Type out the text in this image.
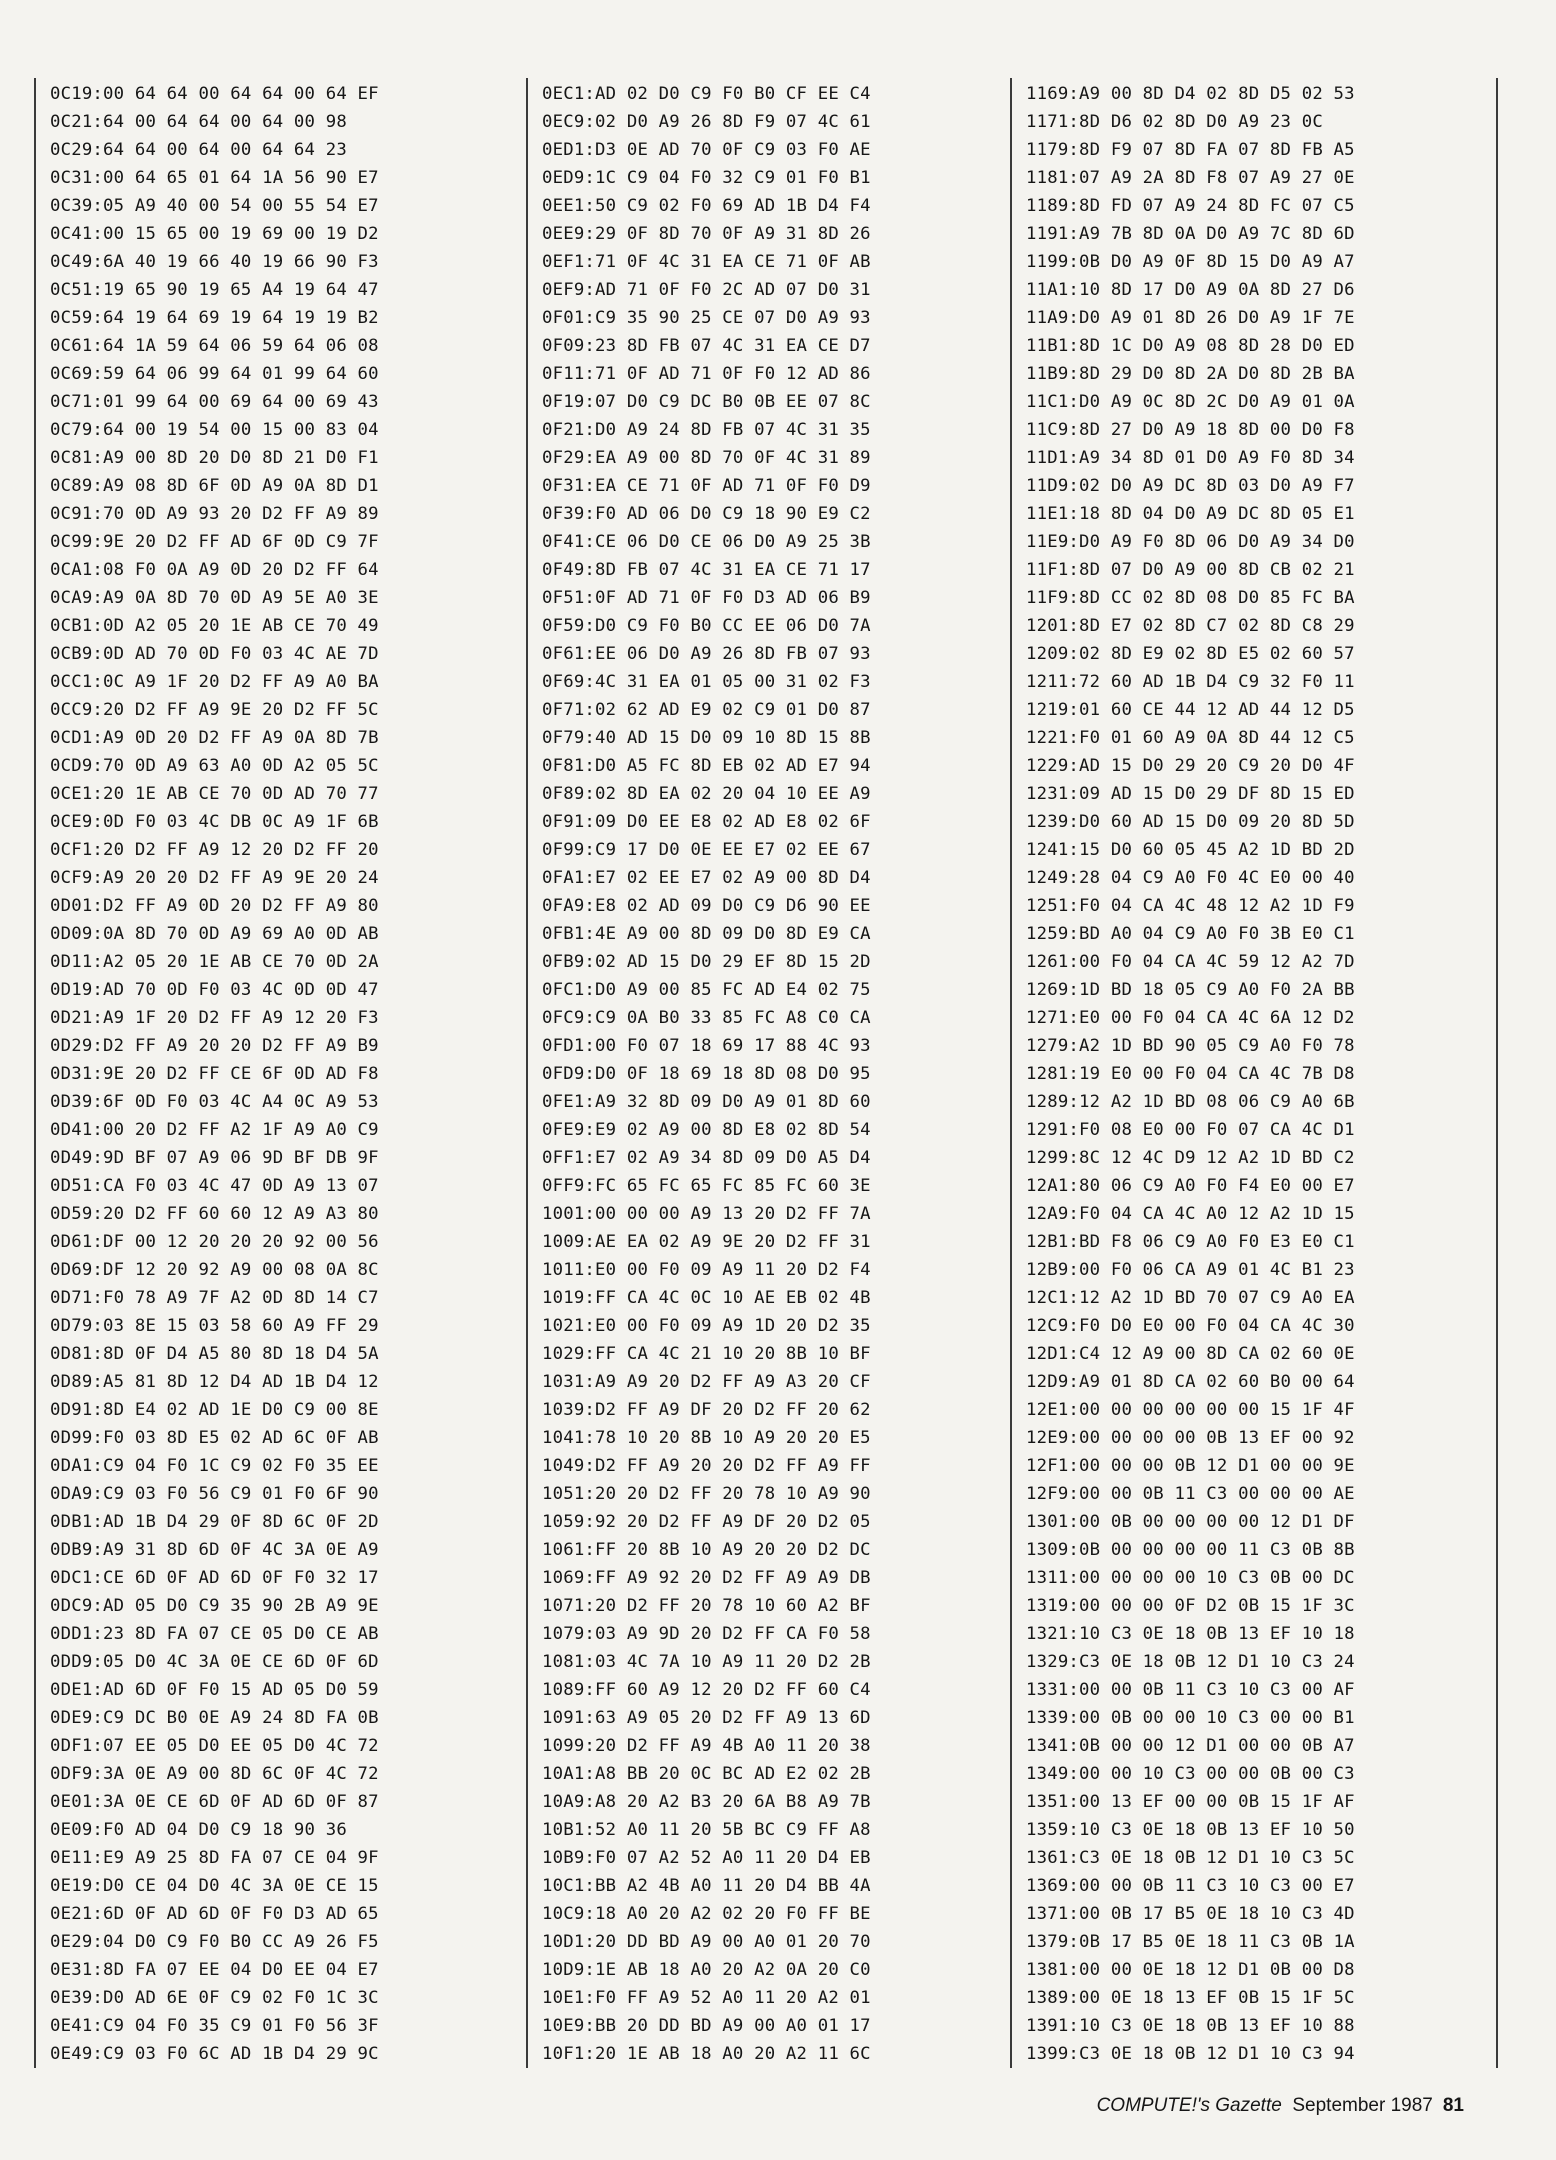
0C19:00 64 64 00 64 64 00 64 EF
0C21:64 00 64 64 00 64 00 98
0C29:64 64 00 64 00 64 64 23
0C31:00 64 65 01 64 1A 56 90 E7
0C39:05 A9 40 00 54 00 55 54 E7
0C41:00 15 65 00 19 69 00 19 D2
0C49:6A 40 19 66 40 19 66 90 F3
0C51:19 65 90 19 65 A4 19 64 47
0C59:64 19 64 69 19 64 19 19 B2
0C61:64 1A 59 64 06 59 64 06 08
0C69:59 64 06 99 64 01 99 64 60
0C71:01 99 64 00 69 64 00 69 43
0C79:64 00 19 54 00 15 00 83 04
0C81:A9 00 8D 20 D0 8D 21 D0 F1
0C89:A9 08 8D 6F 0D A9 0A 8D D1
0C91:70 0D A9 93 20 D2 FF A9 89
0C99:9E 20 D2 FF AD 6F 0D C9 7F
0CA1:08 F0 0A A9 0D 20 D2 FF 64
0CA9:A9 0A 8D 70 0D A9 5E A0 3E
0CB1:0D A2 05 20 1E AB CE 70 49
0CB9:0D AD 70 0D F0 03 4C AE 7D
0CC1:0C A9 1F 20 D2 FF A9 A0 BA
0CC9:20 D2 FF A9 9E 20 D2 FF 5C
0CD1:A9 0D 20 D2 FF A9 0A 8D 7B
0CD9:70 0D A9 63 A0 0D A2 05 5C
0CE1:20 1E AB CE 70 0D AD 70 77
0CE9:0D F0 03 4C DB 0C A9 1F 6B
0CF1:20 D2 FF A9 12 20 D2 FF 20
0CF9:A9 20 20 D2 FF A9 9E 20 24
0D01:D2 FF A9 0D 20 D2 FF A9 80
0D09:0A 8D 70 0D A9 69 A0 0D AB
0D11:A2 05 20 1E AB CE 70 0D 2A
0D19:AD 70 0D F0 03 4C 0D 0D 47
0D21:A9 1F 20 D2 FF A9 12 20 F3
0D29:D2 FF A9 20 20 D2 FF A9 B9
0D31:9E 20 D2 FF CE 6F 0D AD F8
0D39:6F 0D F0 03 4C A4 0C A9 53
0D41:00 20 D2 FF A2 1F A9 A0 C9
0D49:9D BF 07 A9 06 9D BF DB 9F
0D51:CA F0 03 4C 47 0D A9 13 07
0D59:20 D2 FF 60 60 12 A9 A3 80
0D61:DF 00 12 20 20 20 92 00 56
0D69:DF 12 20 92 A9 00 08 0A 8C
0D71:F0 78 A9 7F A2 0D 8D 14 C7
0D79:03 8E 15 03 58 60 A9 FF 29
0D81:8D 0F D4 A5 80 8D 18 D4 5A
0D89:A5 81 8D 12 D4 AD 1B D4 12
0D91:8D E4 02 AD 1E D0 C9 00 8E
0D99:F0 03 8D E5 02 AD 6C 0F AB
0DA1:C9 04 F0 1C C9 02 F0 35 EE
0DA9:C9 03 F0 56 C9 01 F0 6F 90
0DB1:AD 1B D4 29 0F 8D 6C 0F 2D
0DB9:A9 31 8D 6D 0F 4C 3A 0E A9
0DC1:CE 6D 0F AD 6D 0F F0 32 17
0DC9:AD 05 D0 C9 35 90 2B A9 9E
0DD1:23 8D FA 07 CE 05 D0 CE AB
0DD9:05 D0 4C 3A 0E CE 6D 0F 6D
0DE1:AD 6D 0F F0 15 AD 05 D0 59
0DE9:C9 DC B0 0E A9 24 8D FA 0B
0DF1:07 EE 05 D0 EE 05 D0 4C 72
0DF9:3A 0E A9 00 8D 6C 0F 4C 72
0E01:3A 0E CE 6D 0F AD 6D 0F 87
0E09:F0 AD 04 D0 C9 18 90 36
0E11:E9 A9 25 8D FA 07 CE 04 9F
0E19:D0 CE 04 D0 4C 3A 0E CE 15
0E21:6D 0F AD 6D 0F F0 D3 AD 65
0E29:04 D0 C9 F0 B0 CC A9 26 F5
0E31:8D FA 07 EE 04 D0 EE 04 E7
0E39:D0 AD 6E 0F C9 02 F0 1C 3C
0E41:C9 04 F0 35 C9 01 F0 56 3F
0E49:C9 03 F0 6C AD 1B D4 29 9C
0EC1:AD 02 D0 C9 F0 B0 CF EE C4
0EC9:02 D0 A9 26 8D F9 07 4C 61
0ED1:D3 0E AD 70 0F C9 03 F0 AE
0ED9:1C C9 04 F0 32 C9 01 F0 B1
0EE1:50 C9 02 F0 69 AD 1B D4 F4
0EE9:29 0F 8D 70 0F A9 31 8D 26
0EF1:71 0F 4C 31 EA CE 71 0F AB
0EF9:AD 71 0F F0 2C AD 07 D0 31
0F01:C9 35 90 25 CE 07 D0 A9 93
0F09:23 8D FB 07 4C 31 EA CE D7
0F11:71 0F AD 71 0F F0 12 AD 86
0F19:07 D0 C9 DC B0 0B EE 07 8C
0F21:D0 A9 24 8D FB 07 4C 31 35
0F29:EA A9 00 8D 70 0F 4C 31 89
0F31:EA CE 71 0F AD 71 0F F0 D9
0F39:F0 AD 06 D0 C9 18 90 E9 C2
0F41:CE 06 D0 CE 06 D0 A9 25 3B
0F49:8D FB 07 4C 31 EA CE 71 17
0F51:0F AD 71 0F F0 D3 AD 06 B9
0F59:D0 C9 F0 B0 CC EE 06 D0 7A
0F61:EE 06 D0 A9 26 8D FB 07 93
0F69:4C 31 EA 01 05 00 31 02 F3
0F71:02 62 AD E9 02 C9 01 D0 87
0F79:40 AD 15 D0 09 10 8D 15 8B
0F81:D0 A5 FC 8D EB 02 AD E7 94
0F89:02 8D EA 02 20 04 10 EE A9
0F91:09 D0 EE E8 02 AD E8 02 6F
0F99:C9 17 D0 0E EE E7 02 EE 67
0FA1:E7 02 EE E7 02 A9 00 8D D4
0FA9:E8 02 AD 09 D0 C9 D6 90 EE
0FB1:4E A9 00 8D 09 D0 8D E9 CA
0FB9:02 AD 15 D0 29 EF 8D 15 2D
0FC1:D0 A9 00 85 FC AD E4 02 75
0FC9:C9 0A B0 33 85 FC A8 C0 CA
0FD1:00 F0 07 18 69 17 88 4C 93
0FD9:D0 0F 18 69 18 8D 08 D0 95
0FE1:A9 32 8D 09 D0 A9 01 8D 60
0FE9:E9 02 A9 00 8D E8 02 8D 54
0FF1:E7 02 A9 34 8D 09 D0 A5 D4
0FF9:FC 65 FC 65 FC 85 FC 60 3E
1001:00 00 00 A9 13 20 D2 FF 7A
1009:AE EA 02 A9 9E 20 D2 FF 31
1011:E0 00 F0 09 A9 11 20 D2 F4
1019:FF CA 4C 0C 10 AE EB 02 4B
1021:E0 00 F0 09 A9 1D 20 D2 35
1029:FF CA 4C 21 10 20 8B 10 BF
1031:A9 A9 20 D2 FF A9 A3 20 CF
1039:D2 FF A9 DF 20 D2 FF 20 62
1041:78 10 20 8B 10 A9 20 20 E5
1049:D2 FF A9 20 20 D2 FF A9 FF
1051:20 20 D2 FF 20 78 10 A9 90
1059:92 20 D2 FF A9 DF 20 D2 05
1061:FF 20 8B 10 A9 20 20 D2 DC
1069:FF A9 92 20 D2 FF A9 A9 DB
1071:20 D2 FF 20 78 10 60 A2 BF
1079:03 A9 9D 20 D2 FF CA F0 58
1081:03 4C 7A 10 A9 11 20 D2 2B
1089:FF 60 A9 12 20 D2 FF 60 C4
1091:63 A9 05 20 D2 FF A9 13 6D
1099:20 D2 FF A9 4B A0 11 20 38
10A1:A8 BB 20 0C BC AD E2 02 2B
10A9:A8 20 A2 B3 20 6A B8 A9 7B
10B1:52 A0 11 20 5B BC C9 FF A8
10B9:F0 07 A2 52 A0 11 20 D4 EB
10C1:BB A2 4B A0 11 20 D4 BB 4A
10C9:18 A0 20 A2 02 20 F0 FF BE
10D1:20 DD BD A9 00 A0 01 20 70
10D9:1E AB 18 A0 20 A2 0A 20 C0
10E1:F0 FF A9 52 A0 11 20 A2 01
10E9:BB 20 DD BD A9 00 A0 01 17
10F1:20 1E AB 18 A0 20 A2 11 6C
1169:A9 00 8D D4 02 8D D5 02 53
1171:8D D6 02 8D D0 A9 23 0C
1179:8D F9 07 8D FA 07 8D FB A5
1181:07 A9 2A 8D F8 07 A9 27 0E
1189:8D FD 07 A9 24 8D FC 07 C5
1191:A9 7B 8D 0A D0 A9 7C 8D 6D
1199:0B D0 A9 0F 8D 15 D0 A9 A7
11A1:10 8D 17 D0 A9 0A 8D 27 D6
11A9:D0 A9 01 8D 26 D0 A9 1F 7E
11B1:8D 1C D0 A9 08 8D 28 D0 ED
11B9:8D 29 D0 8D 2A D0 8D 2B BA
11C1:D0 A9 0C 8D 2C D0 A9 01 0A
11C9:8D 27 D0 A9 18 8D 00 D0 F8
11D1:A9 34 8D 01 D0 A9 F0 8D 34
11D9:02 D0 A9 DC 8D 03 D0 A9 F7
11E1:18 8D 04 D0 A9 DC 8D 05 E1
11E9:D0 A9 F0 8D 06 D0 A9 34 D0
11F1:8D 07 D0 A9 00 8D CB 02 21
11F9:8D CC 02 8D 08 D0 85 FC BA
1201:8D E7 02 8D C7 02 8D C8 29
1209:02 8D E9 02 8D E5 02 60 57
1211:72 60 AD 1B D4 C9 32 F0 11
1219:01 60 CE 44 12 AD 44 12 D5
1221:F0 01 60 A9 0A 8D 44 12 C5
1229:AD 15 D0 29 20 C9 20 D0 4F
1231:09 AD 15 D0 29 DF 8D 15 ED
1239:D0 60 AD 15 D0 09 20 8D 5D
1241:15 D0 60 05 45 A2 1D BD 2D
1249:28 04 C9 A0 F0 4C E0 00 40
1251:F0 04 CA 4C 48 12 A2 1D F9
1259:BD A0 04 C9 A0 F0 3B E0 C1
1261:00 F0 04 CA 4C 59 12 A2 7D
1269:1D BD 18 05 C9 A0 F0 2A BB
1271:E0 00 F0 04 CA 4C 6A 12 D2
1279:A2 1D BD 90 05 C9 A0 F0 78
1281:19 E0 00 F0 04 CA 4C 7B D8
1289:12 A2 1D BD 08 06 C9 A0 6B
1291:F0 08 E0 00 F0 07 CA 4C D1
1299:8C 12 4C D9 12 A2 1D BD C2
12A1:80 06 C9 A0 F0 F4 E0 00 E7
12A9:F0 04 CA 4C A0 12 A2 1D 15
12B1:BD F8 06 C9 A0 F0 E3 E0 C1
12B9:00 F0 06 CA A9 01 4C B1 23
12C1:12 A2 1D BD 70 07 C9 A0 EA
12C9:F0 D0 E0 00 F0 04 CA 4C 30
12D1:C4 12 A9 00 8D CA 02 60 0E
12D9:A9 01 8D CA 02 60 B0 00 64
12E1:00 00 00 00 00 00 15 1F 4F
12E9:00 00 00 00 0B 13 EF 00 92
12F1:00 00 00 0B 12 D1 00 00 9E
12F9:00 00 0B 11 C3 00 00 00 AE
1301:00 0B 00 00 00 00 12 D1 DF
1309:0B 00 00 00 00 11 C3 0B 8B
1311:00 00 00 00 10 C3 0B 00 DC
1319:00 00 00 0F D2 0B 15 1F 3C
1321:10 C3 0E 18 0B 13 EF 10 18
1329:C3 0E 18 0B 12 D1 10 C3 24
1331:00 00 0B 11 C3 10 C3 00 AF
1339:00 0B 00 00 10 C3 00 00 B1
1341:0B 00 00 12 D1 00 00 0B A7
1349:00 00 10 C3 00 00 0B 00 C3
1351:00 13 EF 00 00 0B 15 1F AF
1359:10 C3 0E 18 0B 13 EF 10 50
1361:C3 0E 18 0B 12 D1 10 C3 5C
1369:00 00 0B 11 C3 10 C3 00 E7
1371:00 0B 17 B5 0E 18 10 C3 4D
1379:0B 17 B5 0E 18 11 C3 0B 1A
1381:00 00 0E 18 12 D1 0B 00 D8
1389:00 0E 18 13 EF 0B 15 1F 5C
1391:10 C3 0E 18 0B 13 EF 10 88
1399:C3 0E 18 0B 12 D1 10 C3 94
COMPUTE!'s Gazette September 1987 81
